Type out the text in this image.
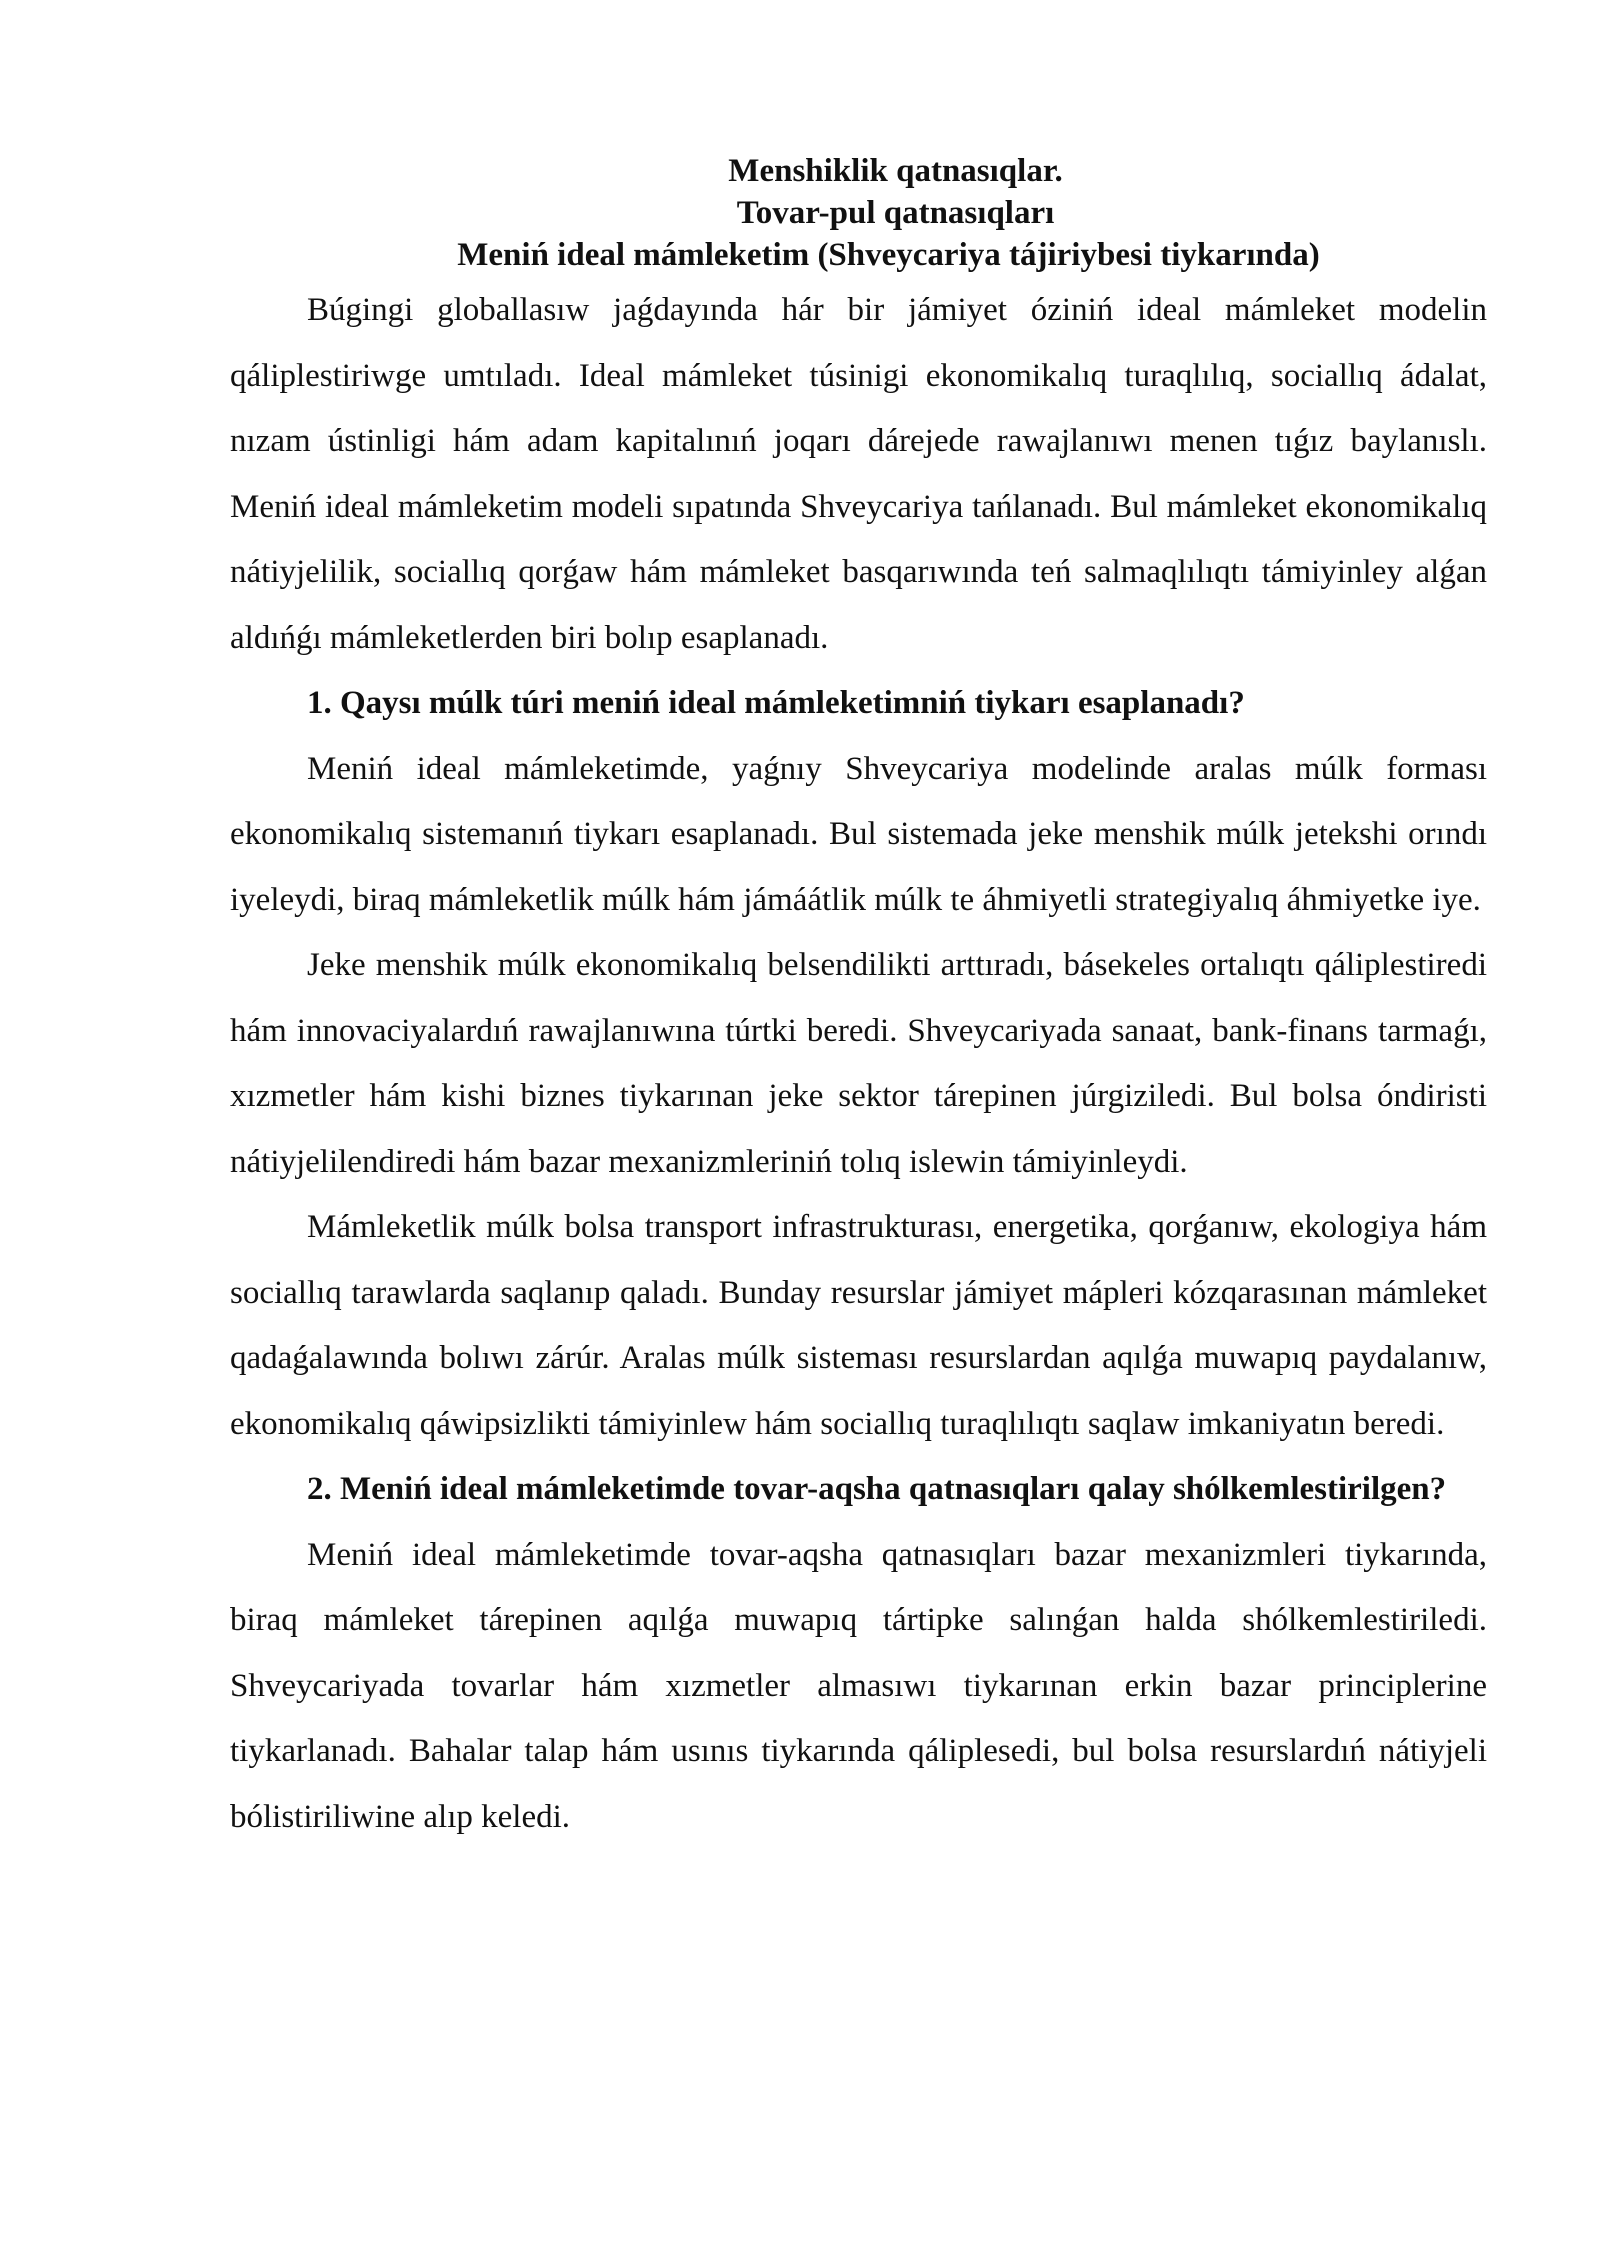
Menshiklik qatnasıqlar.

Tovar-pul qatnasıqları

Meniń ideal mámleketim (Shveycariya tájiriybesi tiykarında)

Búgingi globallasıw jaǵdayında hár bir jámiyet óziniń ideal mámleket modelin qáliplestiriwge umtıladı. Ideal mámleket túsinigi ekonomikalıq turaqlılıq, sociallıq ádalat, nızam ústinligi hám adam kapitalınıń joqarı dárejede rawajlanıwı menen tıǵız baylanıslı. Meniń ideal mámleketim modeli sıpatında Shveycariya tańlanadı. Bul mámleket ekonomikalıq nátiyjelilik, sociallıq qorǵaw hám mámleket basqarıwında teń salmaqlılıqtı támiyinley alǵan aldıńǵı mámleketlerden biri bolıp esaplanadı.

1. Qaysı múlk túri meniń ideal mámleketimniń tiykarı esaplanadı?

Meniń ideal mámleketimde, yaǵnıy Shveycariya modelinde aralas múlk forması ekonomikalıq sistemanıń tiykarı esaplanadı. Bul sistemada jeke menshik múlk jetekshi orındı iyeleydi, biraq mámleketlik múlk hám jámáátlik múlk te áhmiyetli strategiyalıq áhmiyetke iye.

Jeke menshik múlk ekonomikalıq belsendilikti arttıradı, básekeles ortalıqtı qáliplestiredi hám innovaciyalardıń rawajlanıwına túrtki beredi. Shveycariyada sanaat, bank-finans tarmaǵı, xızmetler hám kishi biznes tiykarınan jeke sektor tárepinen júrgiziledi. Bul bolsa óndiristi nátiyjelilendiredi hám bazar mexanizmleriniń tolıq islewin támiyinleydi.

Mámleketlik múlk bolsa transport infrastrukturası, energetika, qorǵanıw, ekologiya hám sociallıq tarawlarda saqlanıp qaladı. Bunday resurslar jámiyet mápleri kózqarasınan mámleket qadaǵalawında bolıwı zárúr. Aralas múlk sisteması resurslardan aqılǵa muwapıq paydalanıw, ekonomikalıq qáwipsizlikti támiyinlew hám sociallıq turaqlılıqtı saqlaw imkaniyatın beredi.

2. Meniń ideal mámleketimde tovar-aqsha qatnasıqları qalay shólkemlestirilgen?

Meniń ideal mámleketimde tovar-aqsha qatnasıqları bazar mexanizmleri tiykarında, biraq mámleket tárepinen aqılǵa muwapıq tártipke salınǵan halda shólkemlestiriledi. Shveycariyada tovarlar hám xızmetler almasıwı tiykarınan erkin bazar principlerine tiykarlanadı. Bahalar talap hám usınıs tiykarında qáliplesedi, bul bolsa resurslardıń nátiyjeli bólistiriliwine alıp keledi.
